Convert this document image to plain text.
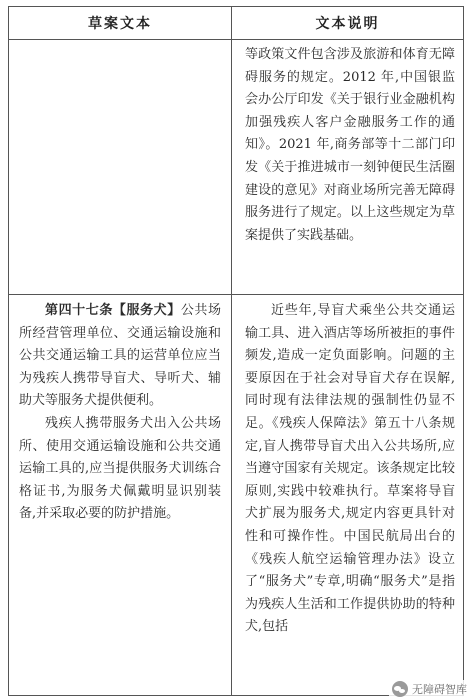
草案文本	文本说明

等政策文件包含涉及旅游和体育无障碍服务的规定。2012 年,中国银监会办公厅印发《关于银行业金融机构加强残疾人客户金融服务工作的通知》。2021 年,商务部等十二部门印发《关于推进城市一刻钟便民生活圈建设的意见》对商业场所完善无障碍服务进行了规定。以上这些规定为草案提供了实践基础。

第四十七条【服务犬】公共场所经营管理单位、交通运输设施和公共交通运输工具的运营单位应当为残疾人携带导盲犬、导听犬、辅助犬等服务犬提供便利。

残疾人携带服务犬出入公共场所、使用交通运输设施和公共交通运输工具的,应当提供服务犬训练合格证书,为服务犬佩戴明显识别装备,并采取必要的防护措施。

近些年,导盲犬乘坐公共交通运输工具、进入酒店等场所被拒的事件频发,造成一定负面影响。问题的主要原因在于社会对导盲犬存在误解,同时现有法律法规的强制性仍显不足。《残疾人保障法》第五十八条规定,盲人携带导盲犬出入公共场所,应当遵守国家有关规定。该条规定比较原则,实践中较难执行。草案将导盲犬扩展为服务犬,规定内容更具针对性和可操作性。中国民航局出台的《残疾人航空运输管理办法》设立了“服务犬”专章,明确“服务犬”是指为残疾人生活和工作提供协助的特种犬,包括

无障碍智库
